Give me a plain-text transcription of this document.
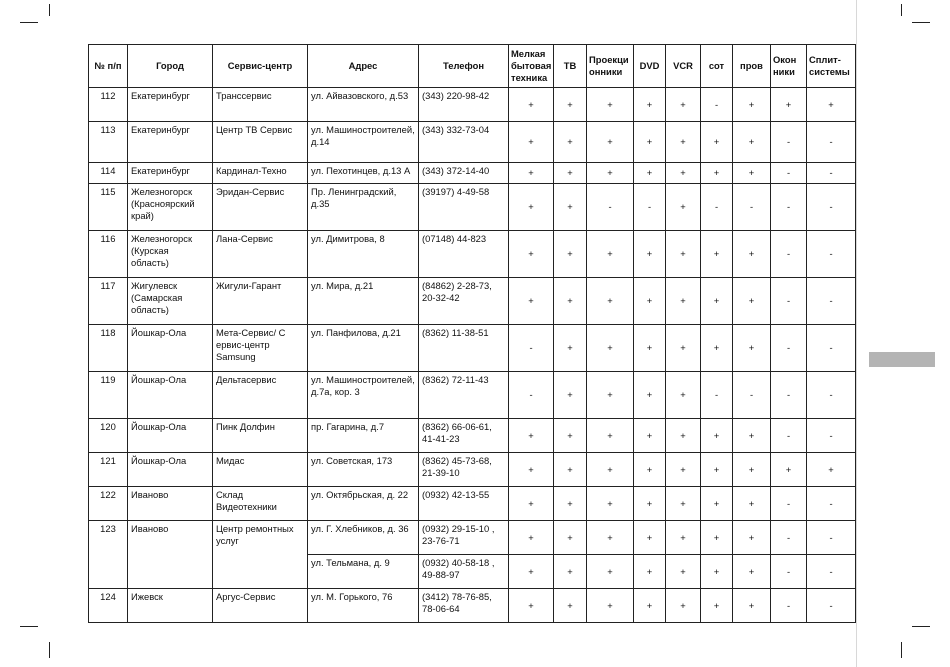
№ п/п	Город	Сервис-центр	Адрес	Телефон	Мелкая бытовая техника	ТВ	Проекци онники	DVD	VCR	сот	пров	Окон ники	Сплит-системы
112	Екатеринбург	Транссервис	ул. Айвазовского, д.53	(343) 220-98-42	+	+	+	+	+	-	+	+	+
113	Екатеринбург	Центр ТВ Сервис	ул. Машиностроителей, д.14	(343) 332-73-04	+	+	+	+	+	+	+	-	-
114	Екатеринбург	Кардинал-Техно	ул. Пехотинцев, д.13 А	(343) 372-14-40	+	+	+	+	+	+	+	-	-
115	Железногорск (Красноярский край)	Эридан-Сервис	Пр. Ленинградский, д.35	(39197) 4-49-58	+	+	-	-	+	-	-	-	-
116	Железногорск (Курская область)	Лана-Сервис	ул. Димитрова, 8	(07148) 44-823	+	+	+	+	+	+	+	-	-
117	Жигулевск (Самарская область)	Жигули-Гарант	ул. Мира, д.21	(84862) 2-28-73, 20-32-42	+	+	+	+	+	+	+	-	-
118	Йошкар-Ола	Мета-Сервис/ С ервис-центр Samsung	ул. Панфилова, д.21	(8362) 11-38-51	-	+	+	+	+	+	+	-	-
119	Йошкар-Ола	Дельтасервис	ул. Машиностроителей, д.7а, кор. 3	(8362) 72-11-43	-	+	+	+	+	-	-	-	-
120	Йошкар-Ола	Пинк Долфин	пр. Гагарина, д.7	(8362) 66-06-61, 41-41-23	+	+	+	+	+	+	+	-	-
121	Йошкар-Ола	Мидас	ул. Советская, 173	(8362) 45-73-68, 21-39-10	+	+	+	+	+	+	+	+	+
122	Иваново	Склад Видеотехники	ул. Октябрьская, д. 22	(0932) 42-13-55	+	+	+	+	+	+	+	-	-
123	Иваново	Центр ремонтных услуг	ул. Г. Хлебников, д. 36	(0932) 29-15-10 , 23-76-71	+	+	+	+	+	+	+	-	-
			ул. Тельмана, д. 9	(0932) 40-58-18 , 49-88-97	+	+	+	+	+	+	+	-	-
124	Ижевск	Аргус-Сервис	ул. М. Горького, 76	(3412) 78-76-85, 78-06-64	+	+	+	+	+	+	+	-	-
